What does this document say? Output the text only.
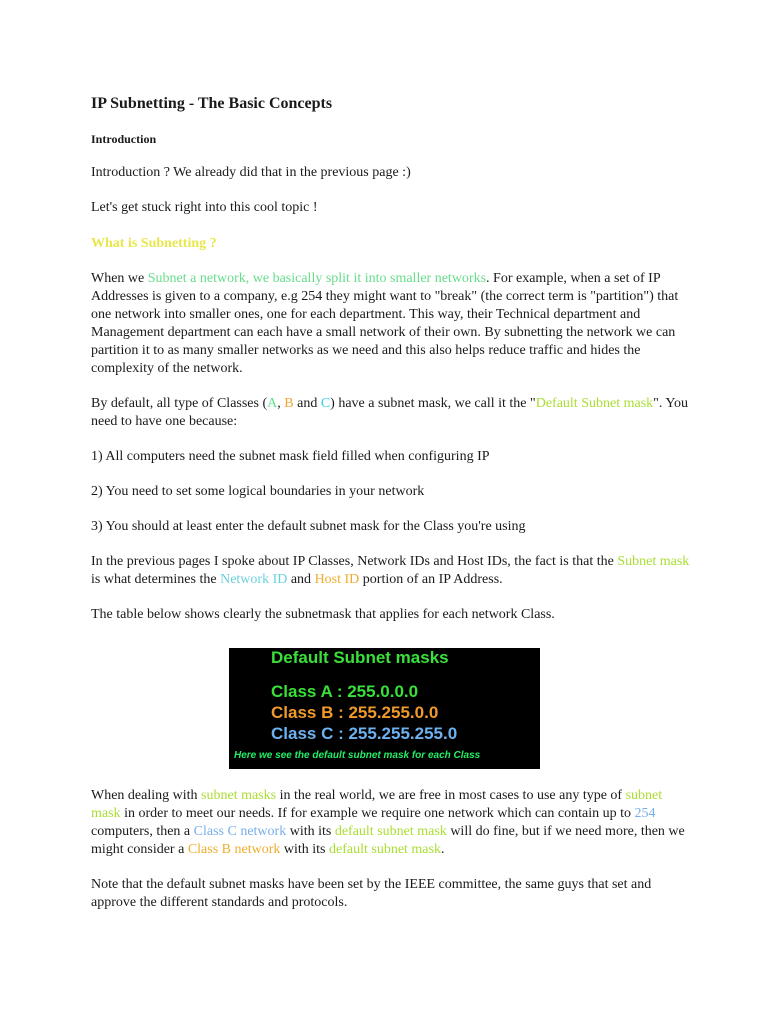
IP Subnetting - The Basic Concepts
Introduction

Introduction ? We already did that in the previous page :)

Let's get stuck right into this cool topic !

What is Subnetting ?

When we Subnet a network, we basically split it into smaller networks. For example, when a set of IP Addresses is given to a company, e.g 254 they might want to "break" (the correct term is "partition") that one network into smaller ones, one for each department. This way, their Technical department and Management department can each have a small network of their own. By subnetting the network we can partition it to as many smaller networks as we need and this also helps reduce traffic and hides the complexity of the network.

By default, all type of Classes (A, B and C) have a subnet mask, we call it the "Default Subnet mask". You need to have one because:

1) All computers need the subnet mask field filled when configuring IP

2) You need to set some logical boundaries in your network

3) You should at least enter the default subnet mask for the Class you're using

In the previous pages I spoke about IP Classes, Network IDs and Host IDs, the fact is that the Subnet mask is what determines the Network ID and Host ID portion of an IP Address.

The table below shows clearly the subnetmask that applies for each network Class.

Default Subnet masks
Class A : 255.0.0.0
Class B : 255.255.0.0
Class C : 255.255.255.0
Here we see the default subnet mask for each Class

When dealing with subnet masks in the real world, we are free in most cases to use any type of subnet mask in order to meet our needs. If for example we require one network which can contain up to 254 computers, then a Class C network with its default subnet mask will do fine, but if we need more, then we might consider a Class B network with its default subnet mask.

Note that the default subnet masks have been set by the IEEE committee, the same guys that set and approve the different standards and protocols.
